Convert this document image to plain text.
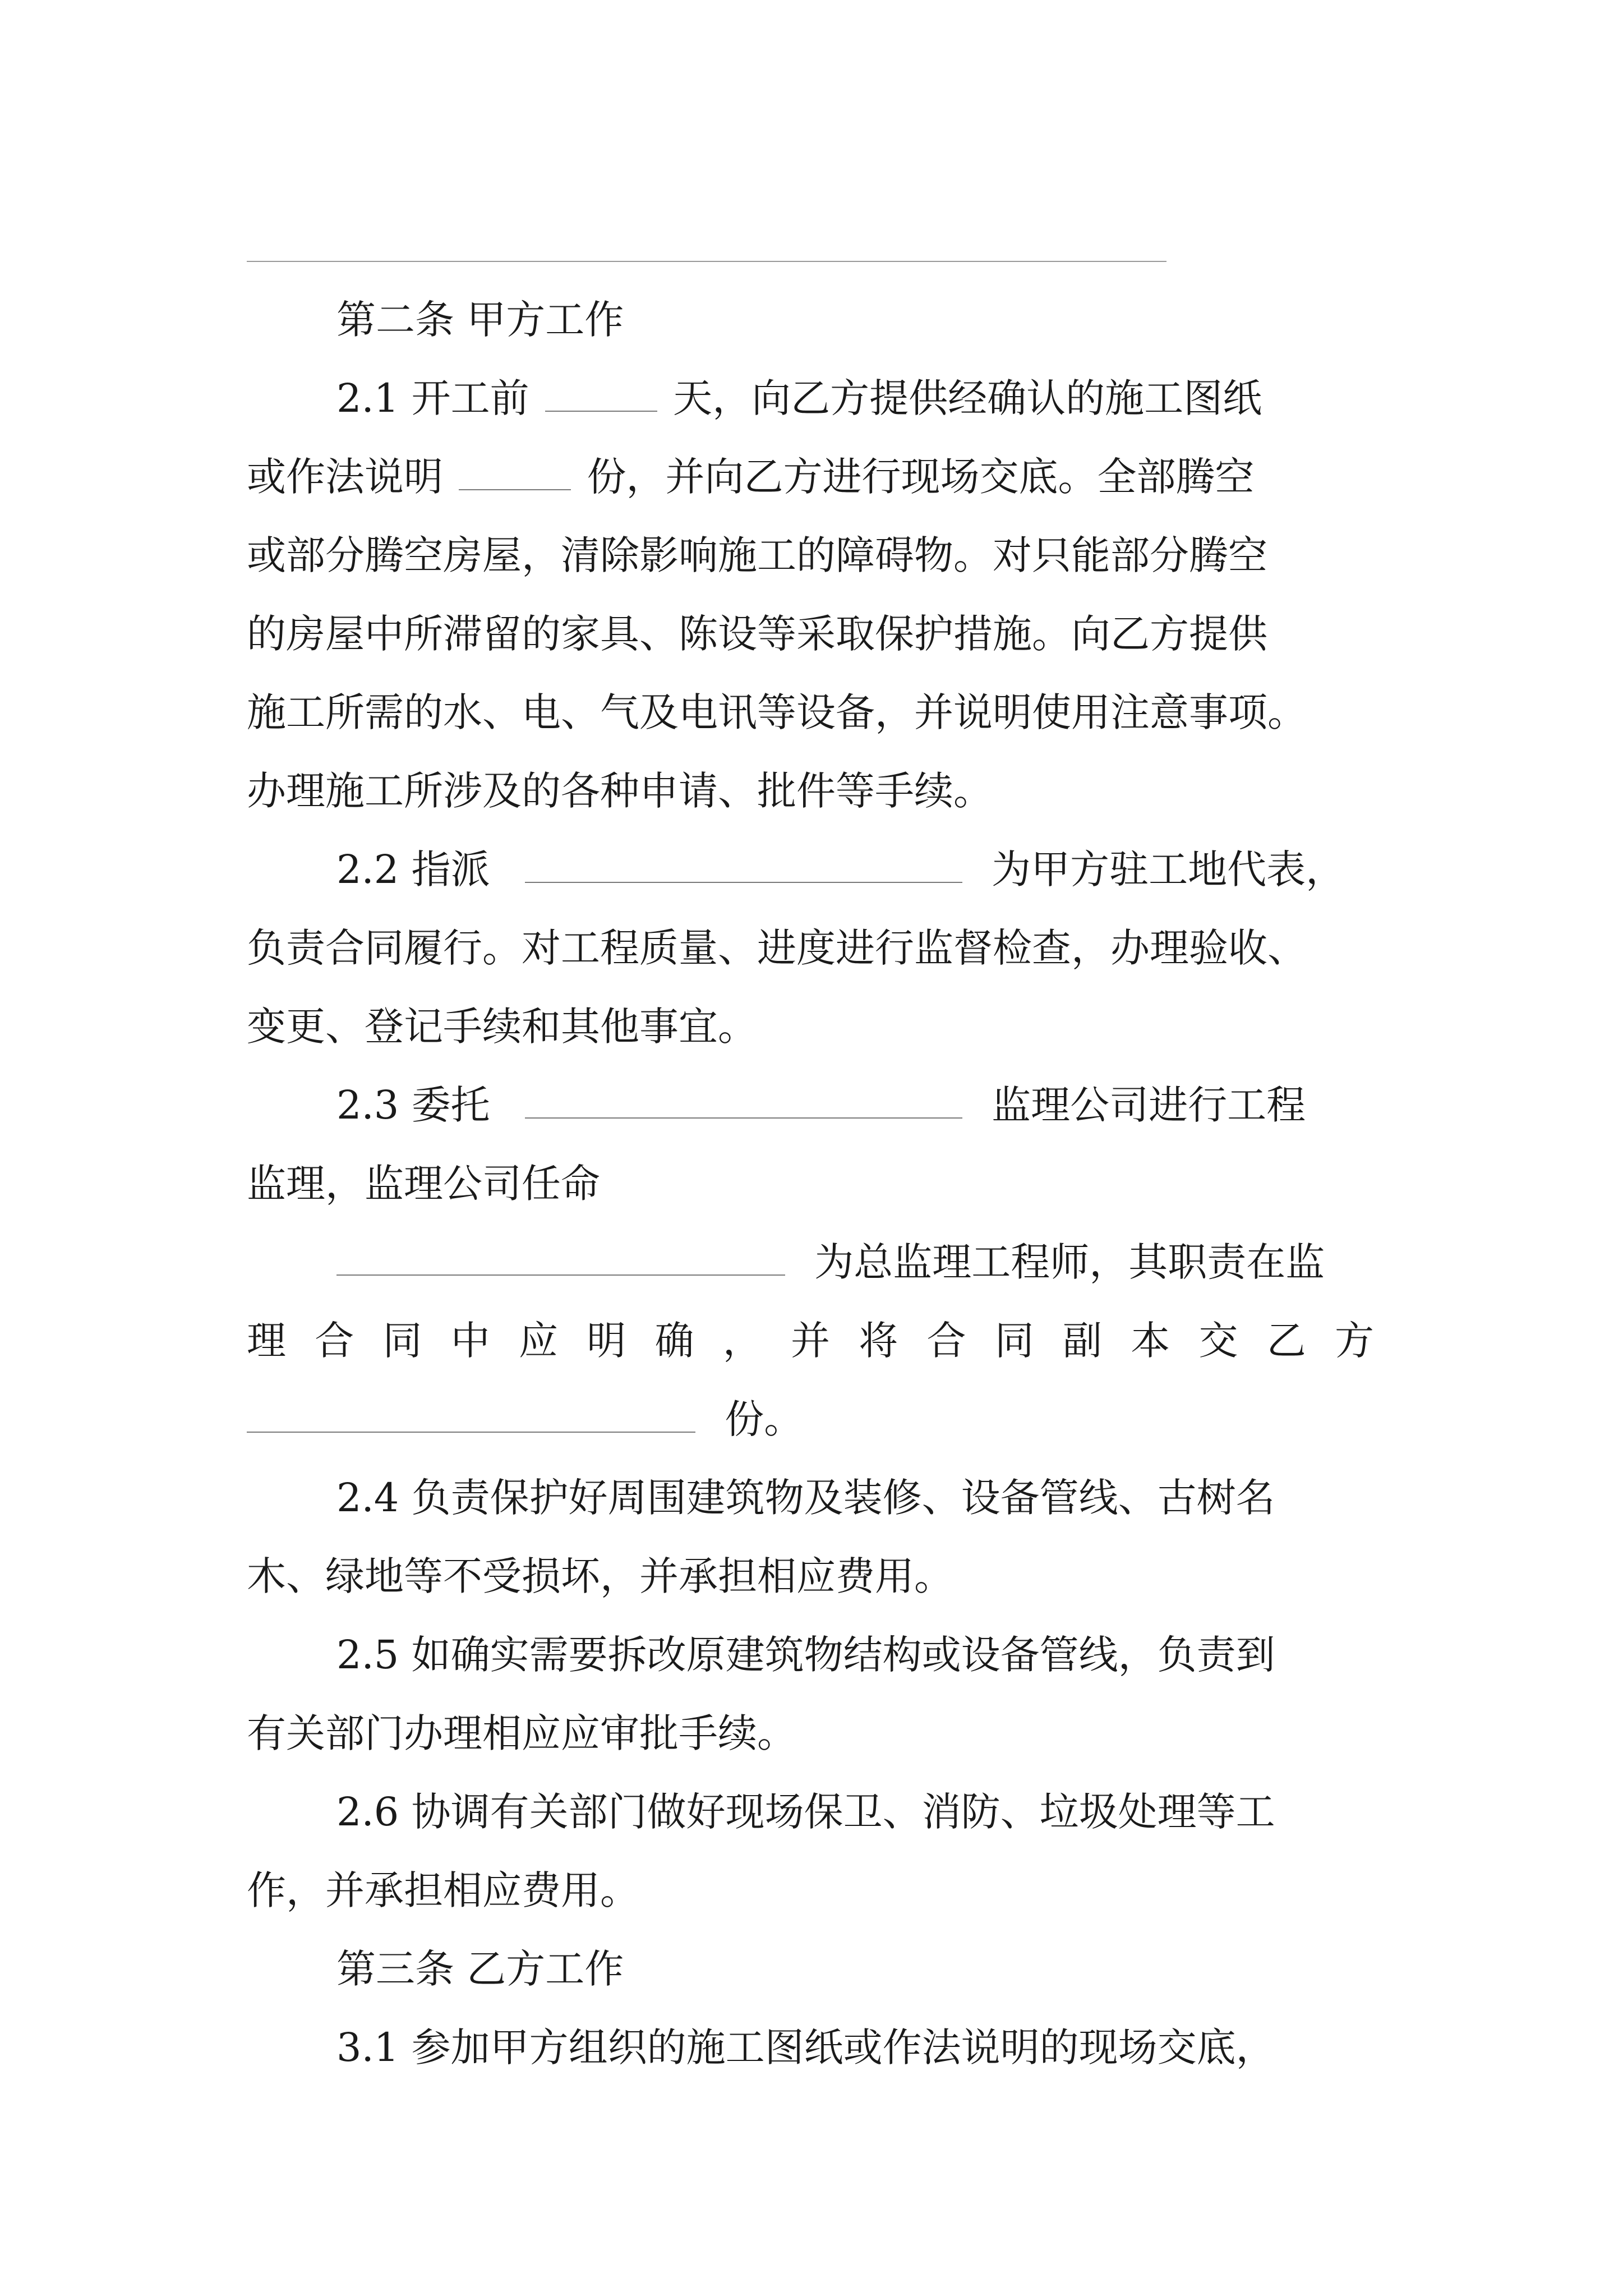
第二条 甲方工作
2.1 开工前	天，向乙方提供经确认的施工图纸
或作法说明	份，并向乙方进行现场交底。全部腾空
或部分腾空房屋，清除影响施工的障碍物。对只能部分腾空
的房屋中所滞留的家具、陈设等采取保护措施。向乙方提供
施工所需的水、电、气及电讯等设备，并说明使用注意事项。
办理施工所涉及的各种申请、批件等手续。
2.2 指派	为甲方驻工地代表，
负责合同履行。对工程质量、进度进行监督检查，办理验收、
变更、登记手续和其他事宜。
2.3 委托	监理公司进行工程
监理，监理公司任命
为总监理工程师，其职责在监
理合同中应明确，并将合同副本交乙方
份。
2.4 负责保护好周围建筑物及装修、设备管线、古树名
木、绿地等不受损坏，并承担相应费用。
2.5 如确实需要拆改原建筑物结构或设备管线，负责到
有关部门办理相应应审批手续。
2.6 协调有关部门做好现场保卫、消防、垃圾处理等工
作，并承担相应费用。
第三条 乙方工作
3.1 参加甲方组织的施工图纸或作法说明的现场交底，
